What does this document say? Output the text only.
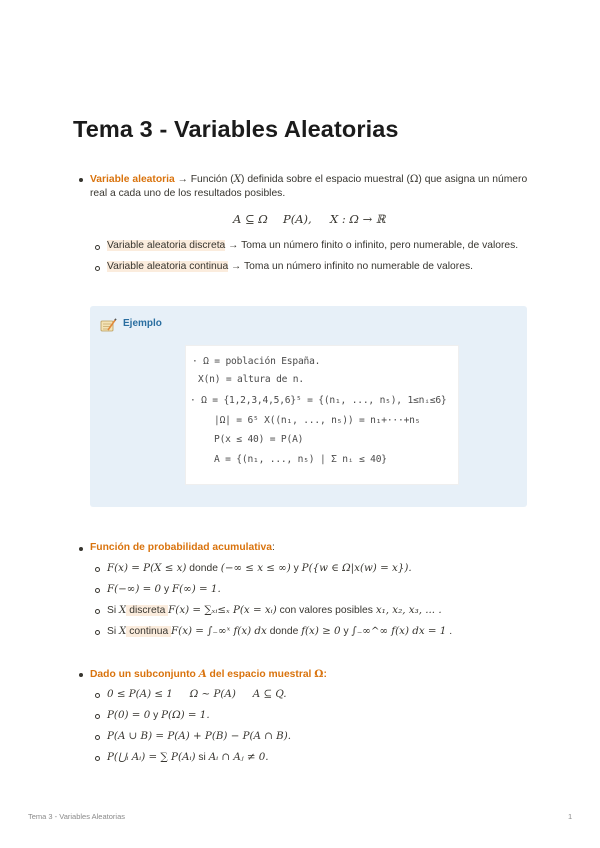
Tema 3 - Variables Aleatorias
Variable aleatoria → Función (X) definida sobre el espacio muestral (Ω) que asigna un número
real a cada uno de los resultados posibles.
A ⊆ Ω P(A), X : Ω → ℝ
Variable aleatoria discreta → Toma un número finito o infinito, pero numerable, de valores.
Variable aleatoria continua → Toma un número infinito no numerable de valores.
Ejemplo
· Ω = población España.
X(n) = altura de n.
· Ω = {1,2,3,4,5,6}⁵ = {(n₁, ..., n₅), 1≤nᵢ≤6}
|Ω| = 6⁵ X((n₁, ..., n₅)) = n₁+···+n₅
P(x ≤ 40) = P(A)
A = {(n₁, ..., n₅) | Σ nᵢ ≤ 40}
Función de probabilidad acumulativa:
F(x) = P(X ≤ x) donde (−∞ ≤ x ≤ ∞) y P({w ∈ Ω|x(w) = x}).
F(−∞) = 0 y F(∞) = 1.
Si X discreta F(x) = ∑ₓᵢ≤ₓ P(x = xᵢ) con valores posibles x₁, x₂, x₃, ... .
Si X continua F(x) = ∫₋∞ˣ f(x) dx donde f(x) ≥ 0 y ∫₋∞^∞ f(x) dx = 1 .
Dado un subconjunto A del espacio muestral Ω:
0 ≤ P(A) ≤ 1 Ω ∼ P(A) A ⊆ Q.
P(0) = 0 y P(Ω) = 1.
P(A ∪ B) = P(A) + P(B) − P(A ∩ B).
P(⋃ᵢ Aᵢ) = ∑ P(Aᵢ) si Aᵢ ∩ Aⱼ ≠ 0.
Tema 3 - Variables Aleatorias	1
